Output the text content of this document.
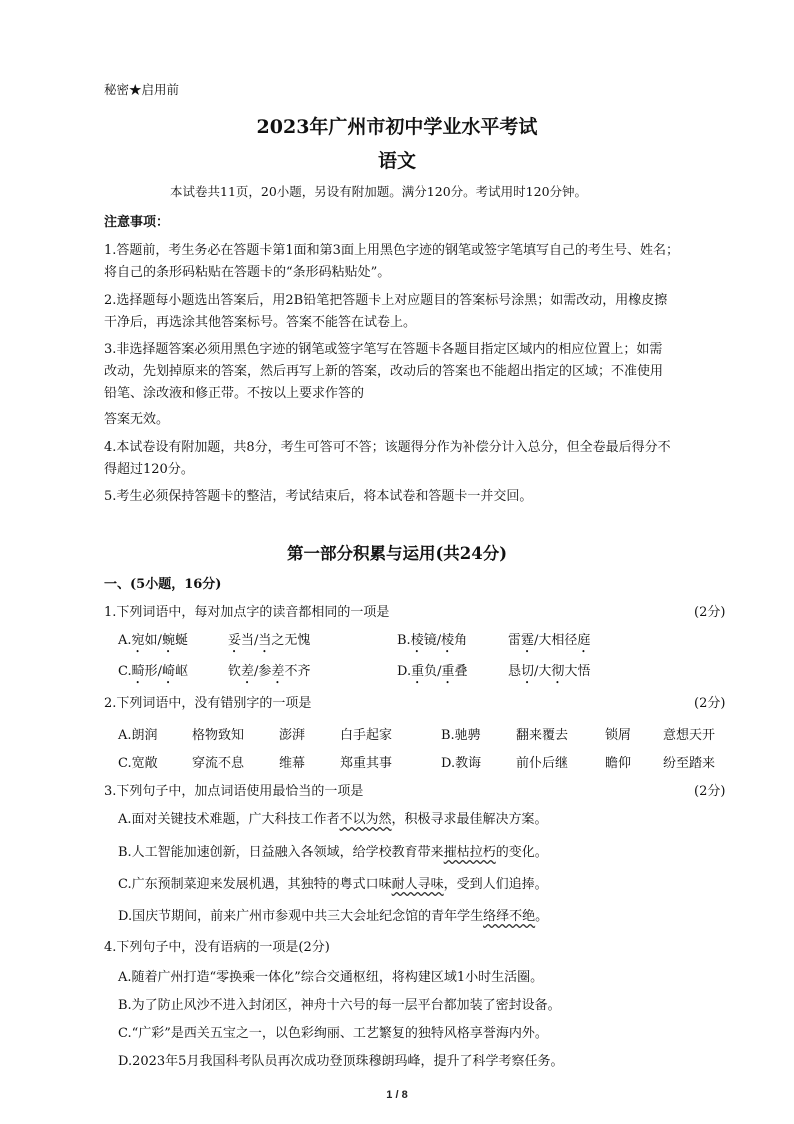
秘密★启用前
2023年广州市初中学业水平考试
语文
本试卷共11页，20小题，另设有附加题。满分120分。考试用时120分钟。
注意事项：
1.答题前，考生务必在答题卡第1面和第3面上用黑色字迹的钢笔或签字笔填写自己的考生号、姓名；
将自己的条形码粘贴在答题卡的“条形码粘贴处”。
2.选择题每小题选出答案后，用2B铅笔把答题卡上对应题目的答案标号涂黑；如需改动，用橡皮擦
干净后，再选涂其他答案标号。答案不能答在试卷上。
3.非选择题答案必须用黑色字迹的钢笔或签字笔写在答题卡各题目指定区域内的相应位置上；如需
改动，先划掉原来的答案，然后再写上新的答案，改动后的答案也不能超出指定的区域；不准使用
铅笔、涂改液和修正带。不按以上要求作答的
答案无效。
4.本试卷设有附加题，共8分，考生可答可不答；该题得分作为补偿分计入总分，但全卷最后得分不
得超过120分。
5.考生必须保持答题卡的整洁，考试结束后，将本试卷和答题卡一并交回。
第一部分积累与运用(共24分)
一、(5小题，16分)
1.下列词语中，每对加点字的读音都相同的一项是	(2分)
A.宛如/蜿蜒	妥当/当之无愧	B.棱镜/棱角	雷霆/大相径庭
C.畸形/崎岖	钦差/参差不齐	D.重负/重叠	恳切/大彻大悟
2.下列词语中，没有错别字的一项是	(2分)
A.朗润	格物致知	澎湃	白手起家	B.驰骋	翻来覆去	锁屑 意想天开
C.宽敞	穿流不息	维幕	郑重其事	D.教诲	前仆后继	瞻仰 纷至踏来
3.下列句子中，加点词语使用最恰当的一项是	(2分)
A.面对关键技术难题，广大科技工作者不以为然，积极寻求最佳解决方案。
B.人工智能加速创新，日益融入各领域，给学校教育带来摧枯拉朽的变化。
C.广东预制菜迎来发展机遇，其独特的粤式口味耐人寻味，受到人们追捧。
D.国庆节期间，前来广州市参观中共三大会址纪念馆的青年学生络绎不绝。
4.下列句子中，没有语病的一项是(2分)
A.随着广州打造“零换乘一体化”综合交通枢纽，将构建区域1小时生活圈。
B.为了防止风沙不进入封闭区，神舟十六号的每一层平台都加装了密封设备。
C.“广彩”是西关五宝之一，以色彩绚丽、工艺繁复的独特风格享誉海内外。
D.2023年5月我国科考队员再次成功登顶珠穆朗玛峰，提升了科学考察任务。
1 / 8
